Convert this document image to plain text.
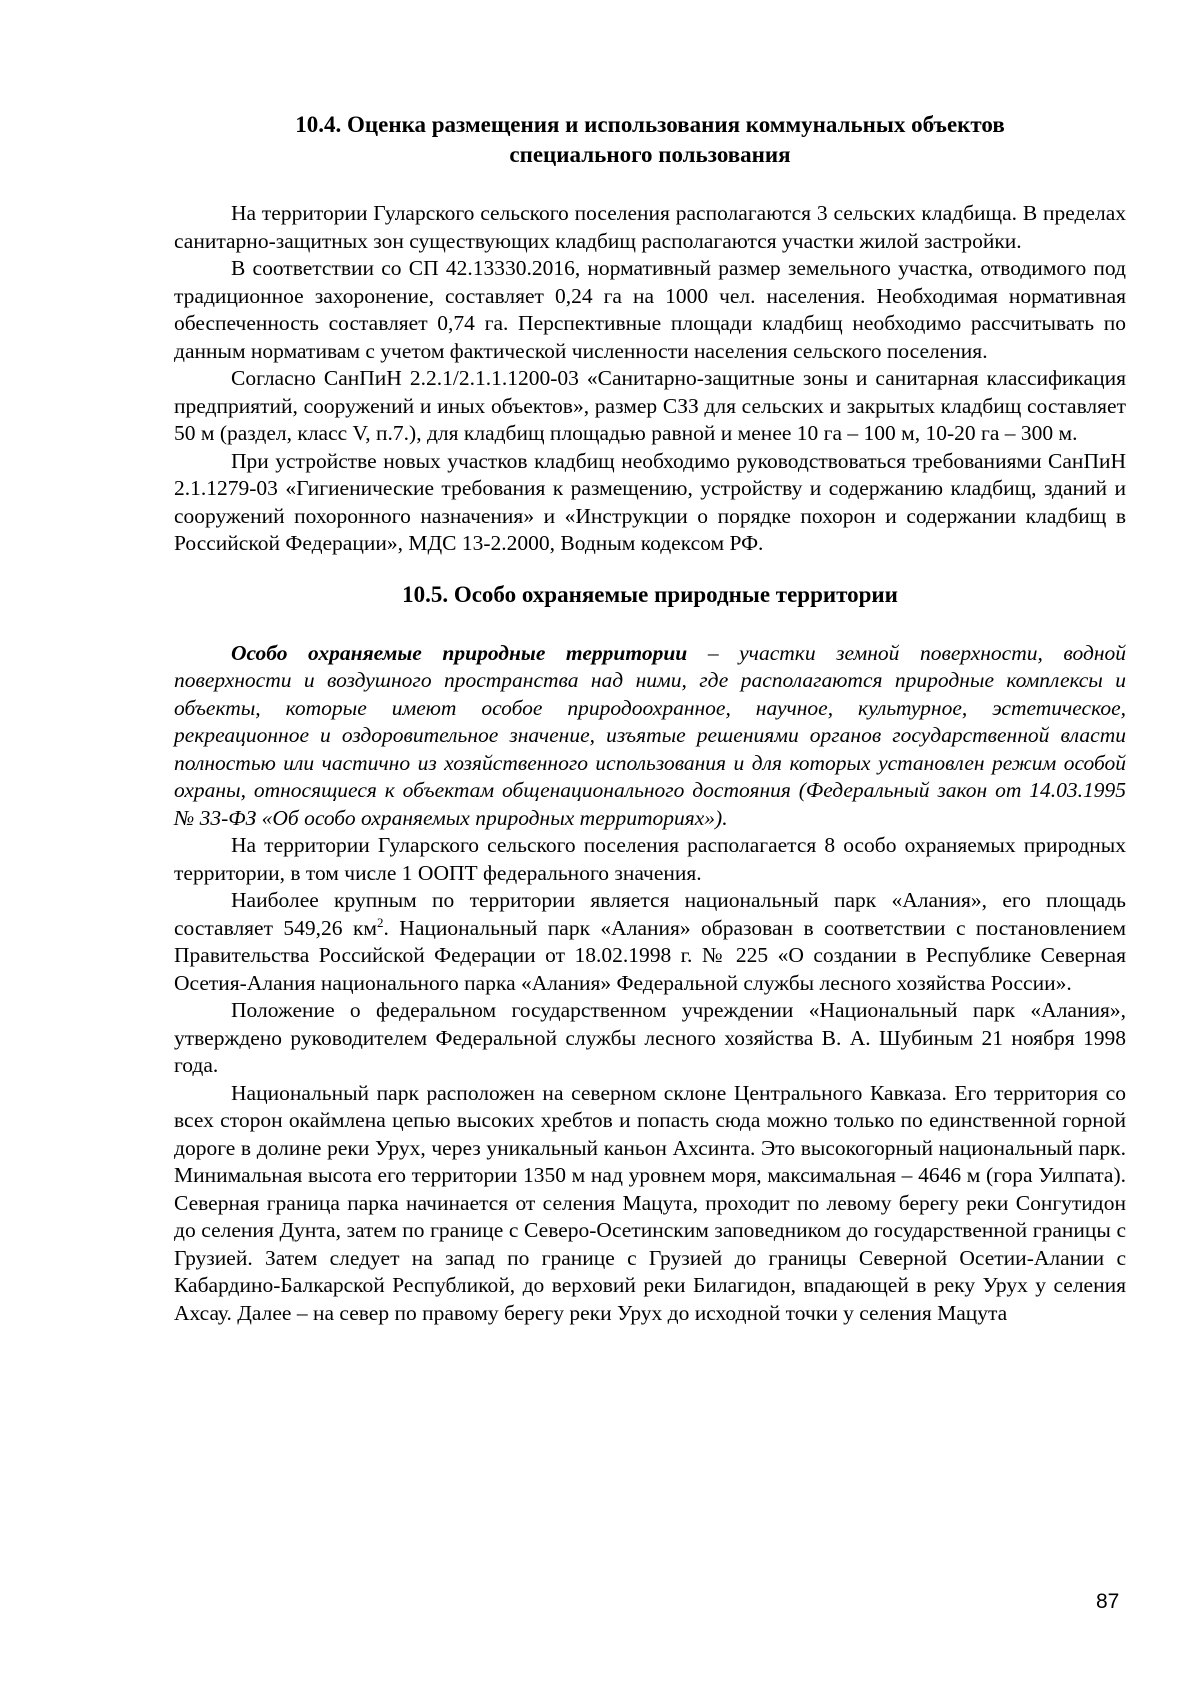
10.4. Оценка размещения и использования коммунальных объектов
специального пользования

На территории Гуларского сельского поселения располагаются 3 сельских кладбища. В пределах санитарно-защитных зон существующих кладбищ располагаются участки жилой застройки.

В соответствии со СП 42.13330.2016, нормативный размер земельного участка, отводимого под традиционное захоронение, составляет 0,24 га на 1000 чел. населения. Необходимая нормативная обеспеченность составляет 0,74 га. Перспективные площади кладбищ необходимо рассчитывать по данным нормативам с учетом фактической численности населения сельского поселения.

Согласно СанПиН 2.2.1/2.1.1.1200-03 «Санитарно-защитные зоны и санитарная классификация предприятий, сооружений и иных объектов», размер СЗЗ для сельских и закрытых кладбищ составляет 50 м (раздел, класс V, п.7.), для кладбищ площадью равной и менее 10 га – 100 м, 10-20 га – 300 м.

При устройстве новых участков кладбищ необходимо руководствоваться требованиями СанПиН 2.1.1279-03 «Гигиенические требования к размещению, устройству и содержанию кладбищ, зданий и сооружений похоронного назначения» и «Инструкции о порядке похорон и содержании кладбищ в Российской Федерации», МДС 13-2.2000, Водным кодексом РФ.

10.5. Особо охраняемые природные территории

Особо охраняемые природные территории – участки земной поверхности, водной поверхности и воздушного пространства над ними, где располагаются природные комплексы и объекты, которые имеют особое природоохранное, научное, культурное, эстетическое, рекреационное и оздоровительное значение, изъятые решениями органов государственной власти полностью или частично из хозяйственного использования и для которых установлен режим особой охраны, относящиеся к объектам общенационального достояния (Федеральный закон от 14.03.1995 № 33-ФЗ «Об особо охраняемых природных территориях»).

На территории Гуларского сельского поселения располагается 8 особо охраняемых природных территории, в том числе 1 ООПТ федерального значения.

Наиболее крупным по территории является национальный парк «Алания», его площадь составляет 549,26 $км^2$. Национальный парк «Алания» образован в соответствии с постановлением Правительства Российской Федерации от 18.02.1998 г. № 225 «О создании в Республике Северная Осетия-Алания национального парка «Алания» Федеральной службы лесного хозяйства России».

Положение о федеральном государственном учреждении «Национальный парк «Алания», утверждено руководителем Федеральной службы лесного хозяйства В. А. Шубиным 21 ноября 1998 года.

Национальный парк расположен на северном склоне Центрального Кавказа. Его территория со всех сторон окаймлена цепью высоких хребтов и попасть сюда можно только по единственной горной дороге в долине реки Урух, через уникальный каньон Ахсинта. Это высокогорный национальный парк. Минимальная высота его территории 1350 м над уровнем моря, максимальная – 4646 м (гора Уилпата). Северная граница парка начинается от селения Мацута, проходит по левому берегу реки Сонгутидон до селения Дунта, затем по границе с Северо-Осетинским заповедником до государственной границы с Грузией. Затем следует на запад по границе с Грузией до границы Северной Осетии-Алании с Кабардино-Балкарской Республикой, до верховий реки Билагидон, впадающей в реку Урух у селения Ахсау. Далее – на север по правому берегу реки Урух до исходной точки у селения Мацута

87
